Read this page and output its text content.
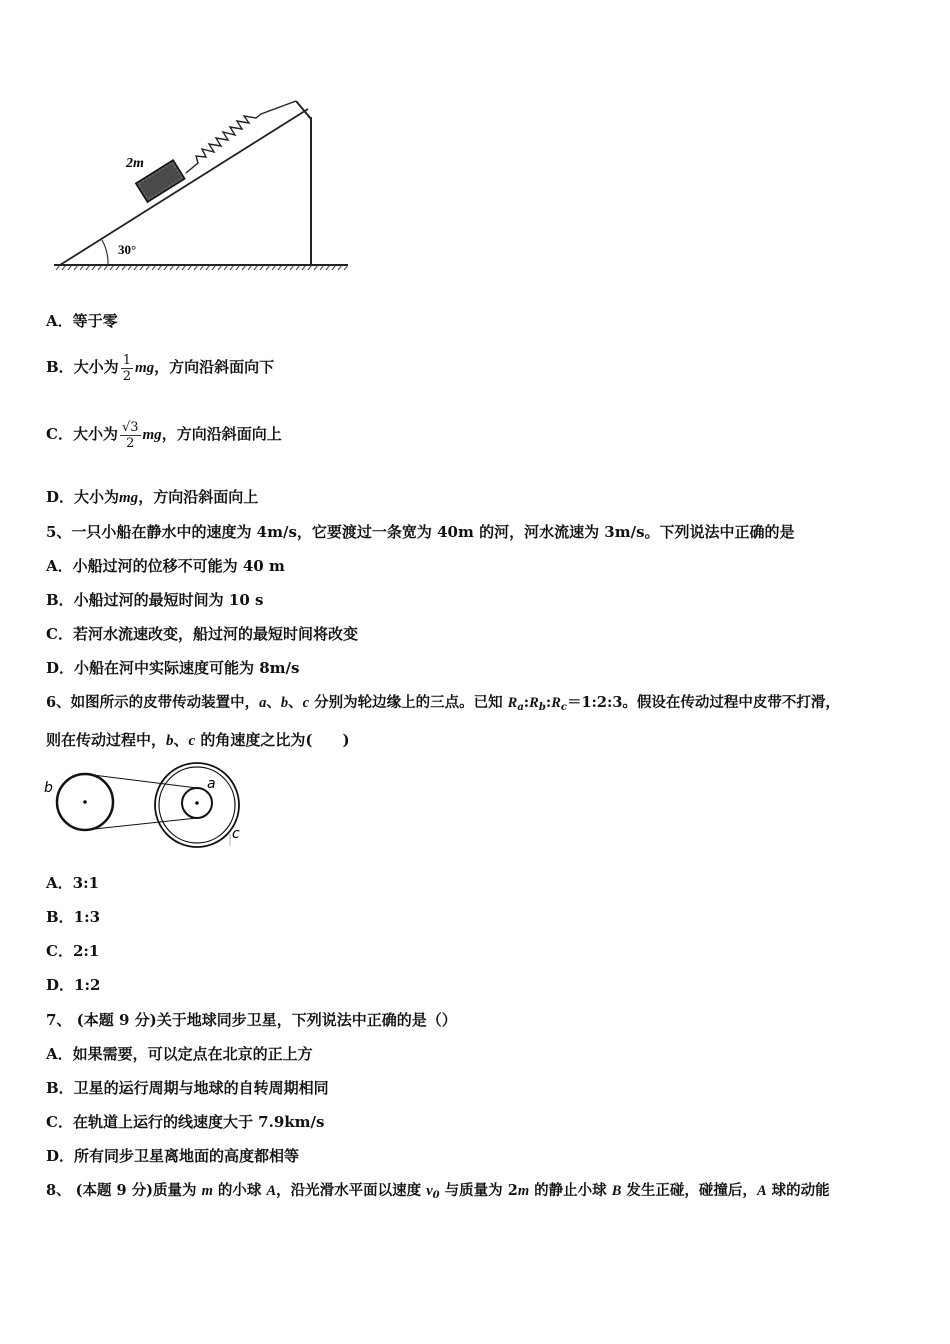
30°
2m
A．等于零
B．大小为 $\frac{1}{2}$ mg，方向沿斜面向下
C．大小为 $\frac{√3}{2}$ mg，方向沿斜面向上
D．大小为mg，方向沿斜面向上
5、一只小船在静水中的速度为 4m/s，它要渡过一条宽为 40m 的河，河水流速为 3m/s。下列说法中正确的是
A．小船过河的位移不可能为 40 m
B．小船过河的最短时间为 10 s
C．若河水流速改变，船过河的最短时间将改变
D．小船在河中实际速度可能为 8m/s
6、如图所示的皮带传动装置中，a、b、c 分别为轮边缘上的三点。已知 $R_a:R_b:R_c=1:2:3$。假设在传动过程中皮带不打滑，
则在传动过程中，b、c 的角速度之比为(　　)
b	a
c
A．3:1
B．1:3
C．2:1
D．1:2
7、 (本题 9 分)关于地球同步卫星，下列说法中正确的是（）
A．如果需要，可以定点在北京的正上方
B．卫星的运行周期与地球的自转周期相同
C．在轨道上运行的线速度大于 7.9km/s
D．所有同步卫星离地面的高度都相等
8、 (本题 9 分)质量为 m 的小球 A，沿光滑水平面以速度 $v_0$ 与质量为 2m 的静止小球 B 发生正碰，碰撞后，A 球的动能
